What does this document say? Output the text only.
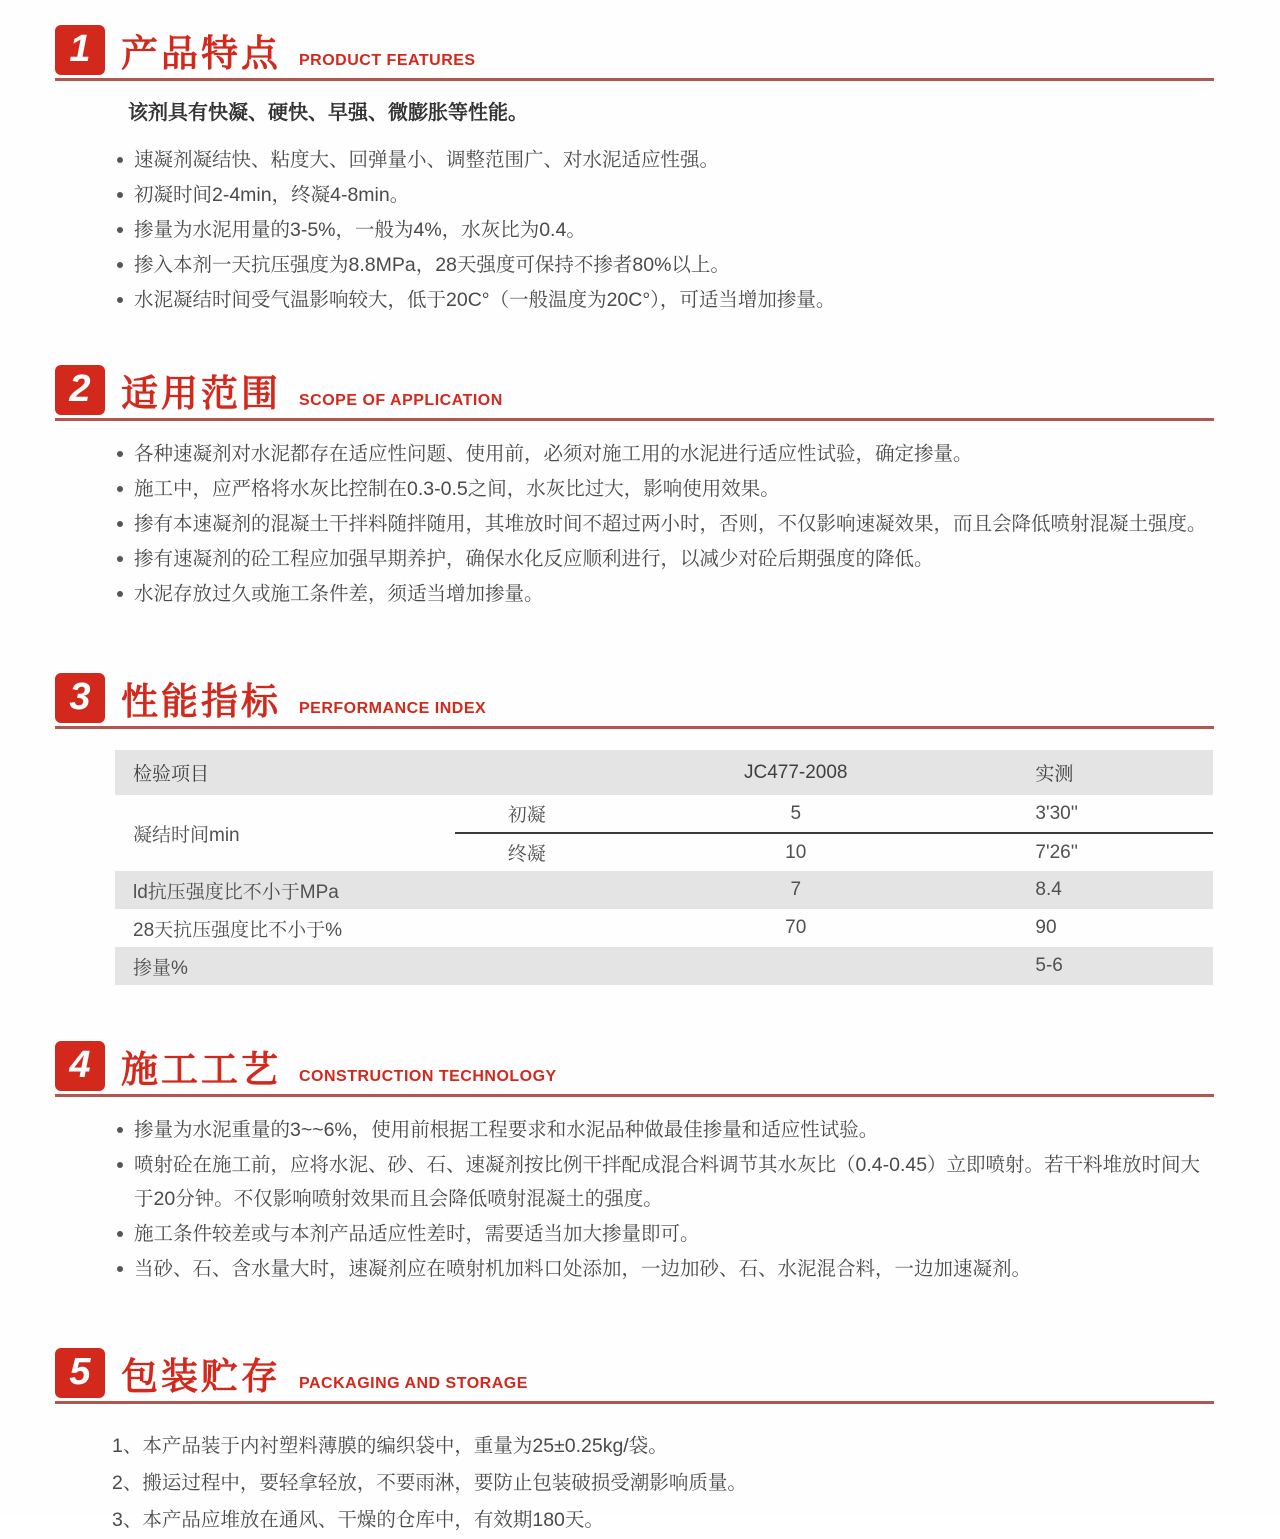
1 产品特点 PRODUCT FEATURES

该剂具有快凝、硬快、早强、微膨胀等性能。

速凝剂凝结快、粘度大、回弹量小、调整范围广、对水泥适应性强。
初凝时间2-4min，终凝4-8min。
掺量为水泥用量的3-5%，一般为4%，水灰比为0.4。
掺入本剂一天抗压强度为8.8MPa，28天强度可保持不掺者80%以上。
水泥凝结时间受气温影响较大，低于20C°（一般温度为20C°），可适当增加掺量。
2 适用范围 SCOPE OF APPLICATION
各种速凝剂对水泥都存在适应性问题、使用前，必须对施工用的水泥进行适应性试验，确定掺量。
施工中，应严格将水灰比控制在0.3-0.5之间，水灰比过大，影响使用效果。
掺有本速凝剂的混凝土干拌料随拌随用，其堆放时间不超过两小时，否则，不仅影响速凝效果，而且会降低喷射混凝土强度。
掺有速凝剂的砼工程应加强早期养护，确保水化反应顺利进行，以减少对砼后期强度的降低。
水泥存放过久或施工条件差，须适当增加掺量。
3 性能指标 PERFORMANCE INDEX
检验项目		JC477-2008	实测
凝结时间min	初凝	5	3'30''
	终凝	10	7'26''
ld抗压强度比不小于MPa		7	8.4
28天抗压强度比不小于%		70	90
掺量%			5-6
4 施工工艺 CONSTRUCTION TECHNOLOGY
掺量为水泥重量的3~~6%，使用前根据工程要求和水泥品种做最佳掺量和适应性试验。
喷射砼在施工前，应将水泥、砂、石、速凝剂按比例干拌配成混合料调节其水灰比（0.4-0.45）立即喷射。若干料堆放时间大于20分钟。不仅影响喷射效果而且会降低喷射混凝土的强度。
施工条件较差或与本剂产品适应性差时，需要适当加大掺量即可。
当砂、石、含水量大时，速凝剂应在喷射机加料口处添加，一边加砂、石、水泥混合料，一边加速凝剂。
5 包装贮存 PACKAGING AND STORAGE

1、本产品装于内衬塑料薄膜的编织袋中，重量为25±0.25kg/袋。

2、搬运过程中，要轻拿轻放，不要雨淋，要防止包装破损受潮影响质量。

3、本产品应堆放在通风、干燥的仓库中，有效期180天。
